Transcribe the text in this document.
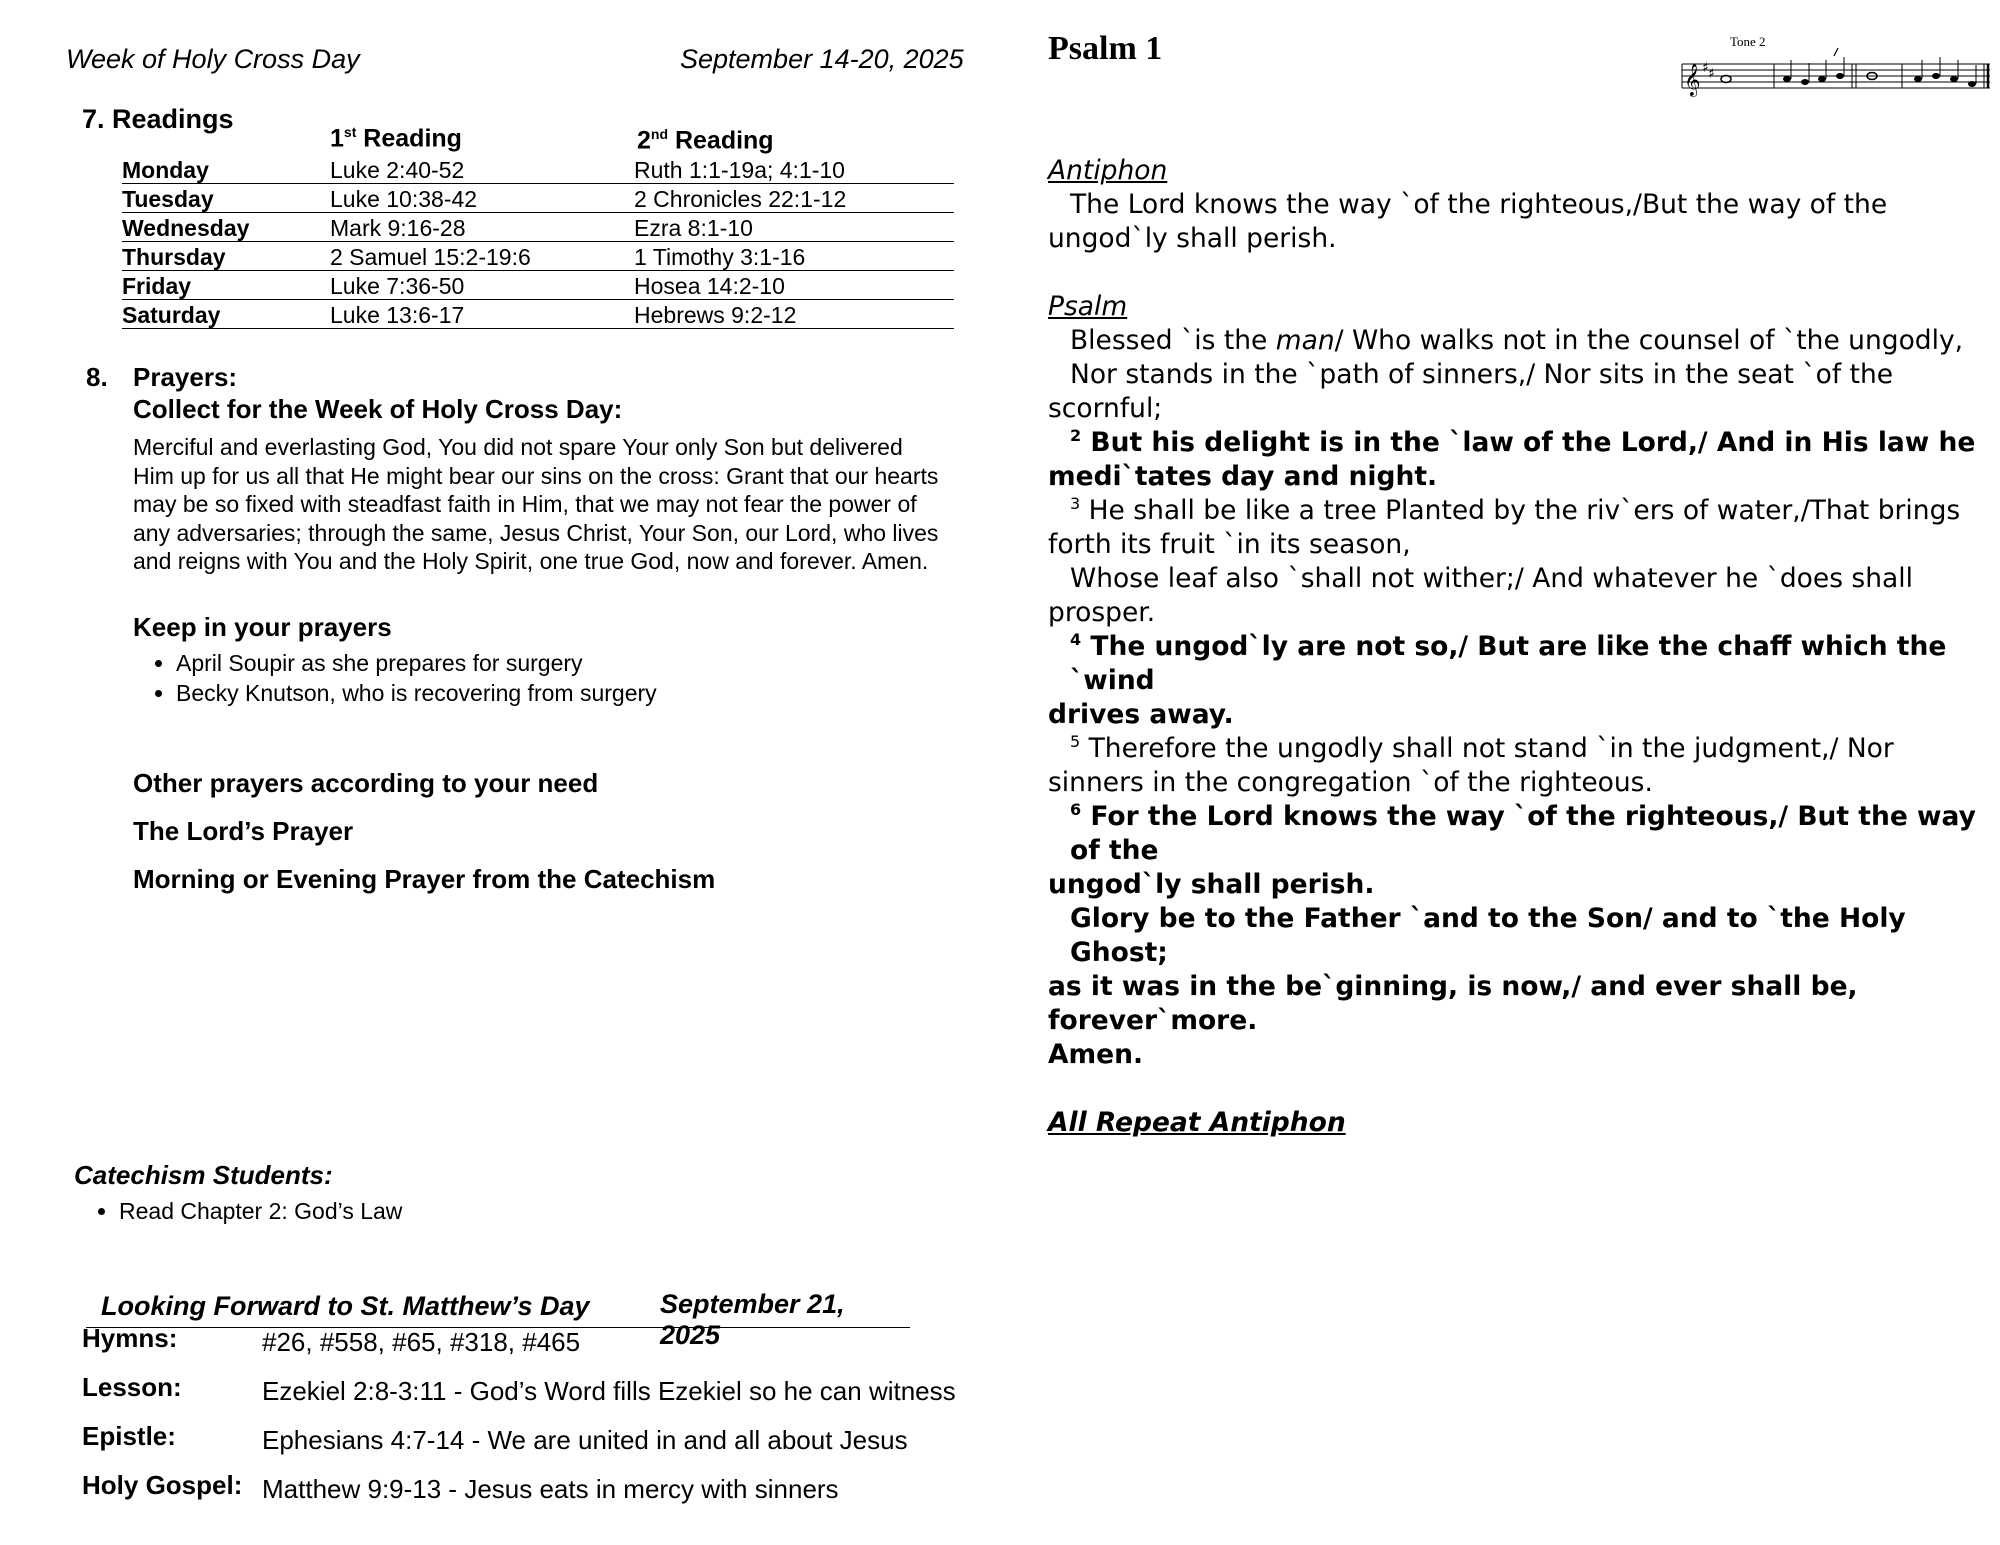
Week of Holy Cross Day	September 14-20, 2025
7. Readings
1st Reading	2nd Reading
Monday	Luke 2:40-52	Ruth 1:1-19a; 4:1-10
Tuesday	Luke 10:38-42	2 Chronicles 22:1-12
Wednesday	Mark 9:16-28	Ezra 8:1-10
Thursday	2 Samuel 15:2-19:6	1 Timothy 3:1-16
Friday	Luke 7:36-50	Hosea 14:2-10
Saturday	Luke 13:6-17	Hebrews 9:2-12
8. Prayers:
Collect for the Week of Holy Cross Day:
Merciful and everlasting God, You did not spare Your only Son but delivered
Him up for us all that He might bear our sins on the cross: Grant that our hearts
may be so fixed with steadfast faith in Him, that we may not fear the power of
any adversaries; through the same, Jesus Christ, Your Son, our Lord, who lives
and reigns with You and the Holy Spirit, one true God, now and forever. Amen.
Keep in your prayers
• April Soupir as she prepares for surgery
• Becky Knutson, who is recovering from surgery
Other prayers according to your need
The Lord’s Prayer
Morning or Evening Prayer from the Catechism
Catechism Students:
• Read Chapter 2: God’s Law
Looking Forward to St. Matthew’s Day	September 21, 2025
Hymns:	#26, #558, #65, #318, #465
Lesson:	Ezekiel 2:8-3:11 - God’s Word fills Ezekiel so he can witness
Epistle:	Ephesians 4:7-14 - We are united in and all about Jesus
Holy Gospel: Matthew 9:9-13 - Jesus eats in mercy with sinners
Psalm 1	Tone 2
𝄞 ♯ ♯

Antiphon

The Lord knows the way `of the righteous,/But the way of the

ungod`ly shall perish.

Psalm

Blessed `is the man/ Who walks not in the counsel of `the ungodly,

Nor stands in the `path of sinners,/ Nor sits in the seat `of the

scornful;

$^2$ But his delight is in the `law of the Lord,/ And in His law he

medi`tates day and night.

$^3$ He shall be like a tree Planted by the riv`ers of water,/That brings

forth its fruit `in its season,

Whose leaf also `shall not wither;/ And whatever he `does shall

prosper.

$^4$ The ungod`ly are not so,/ But are like the chaff which the `wind

drives away.

$^5$ Therefore the ungodly shall not stand `in the judgment,/ Nor

sinners in the congregation `of the righteous.

$^6$ For the Lord knows the way `of the righteous,/ But the way of the

ungod`ly shall perish.

Glory be to the Father `and to the Son/ and to `the Holy Ghost;

as it was in the be`ginning, is now,/ and ever shall be, forever`more.

Amen.

All Repeat Antiphon
